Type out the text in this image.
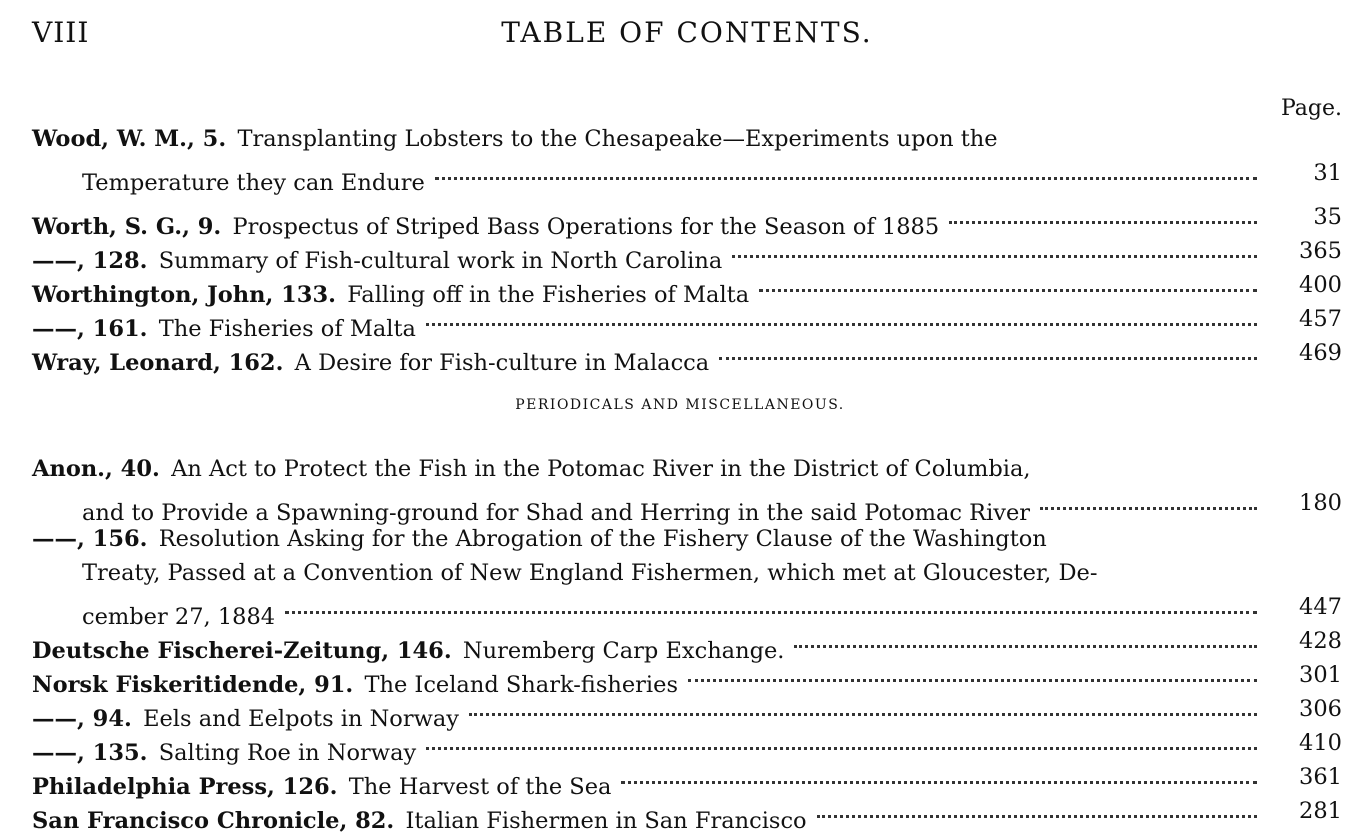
VIII	TABLE OF CONTENTS.
Page.
PERIODICALS AND MISCELLANEOUS.
Wood, W. M., 5.
  Transplanting Lobsters to the Chesapeake—Experiments upon the
Temperature they can Endure	31
Worth, S. G., 9.
  Prospectus of Striped Bass Operations for the Season of 1885	35
——, 128.
  Summary of Fish-cultural work in North Carolina	365
Worthington, John, 133.
  Falling off in the Fisheries of Malta	400
——, 161.
  The Fisheries of Malta	457
Wray, Leonard, 162.
  A Desire for Fish-culture in Malacca	469
Anon., 40.
  An Act to Protect the Fish in the Potomac River in the District of Columbia,
and to Provide a Spawning-ground for Shad and Herring in the said Potomac River	180
——, 156.
  Resolution Asking for the Abrogation of the Fishery Clause of the Washington
Treaty, Passed at a Convention of New England Fishermen, which met at Gloucester, De-
cember 27, 1884	447
Deutsche Fischerei-Zeitung, 146.
  Nuremberg Carp Exchange.	428
Norsk Fiskeritidende, 91.
  The Iceland Shark-fisheries	301
——, 94.
  Eels and Eelpots in Norway	306
——, 135.
  Salting Roe in Norway	410
Philadelphia Press, 126.
  The Harvest of the Sea	361
San Francisco Chronicle, 82.
  Italian Fishermen in San Francisco	281
